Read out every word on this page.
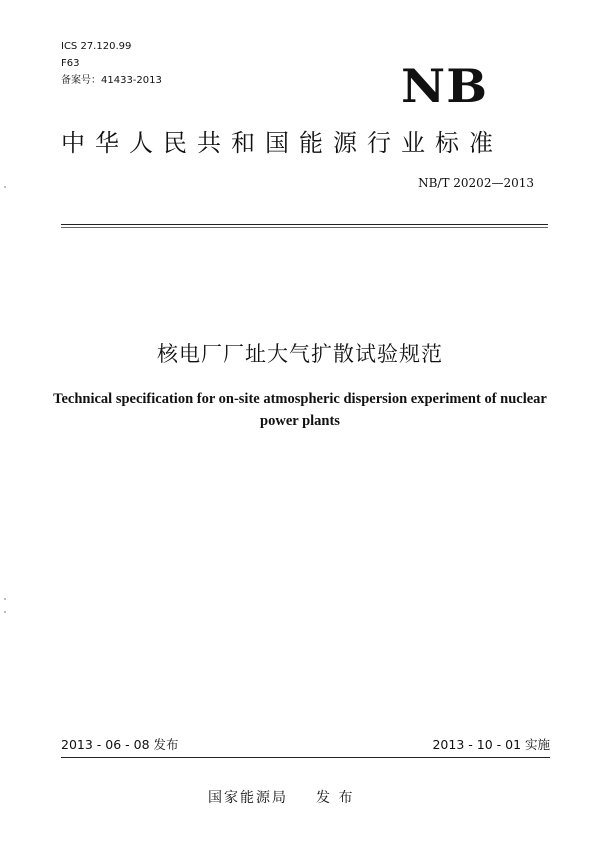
ICS 27.120.99
F63
备案号：41433-2013	NB
中华人民共和国能源行业标准
NB/T 20202—2013
核电厂厂址大气扩散试验规范
Technical specification for on-site atmospheric dispersion experiment of nuclear
power plants
2013 - 06 - 08 发布	2013 - 10 - 01 实施
国家能源局 发 布
